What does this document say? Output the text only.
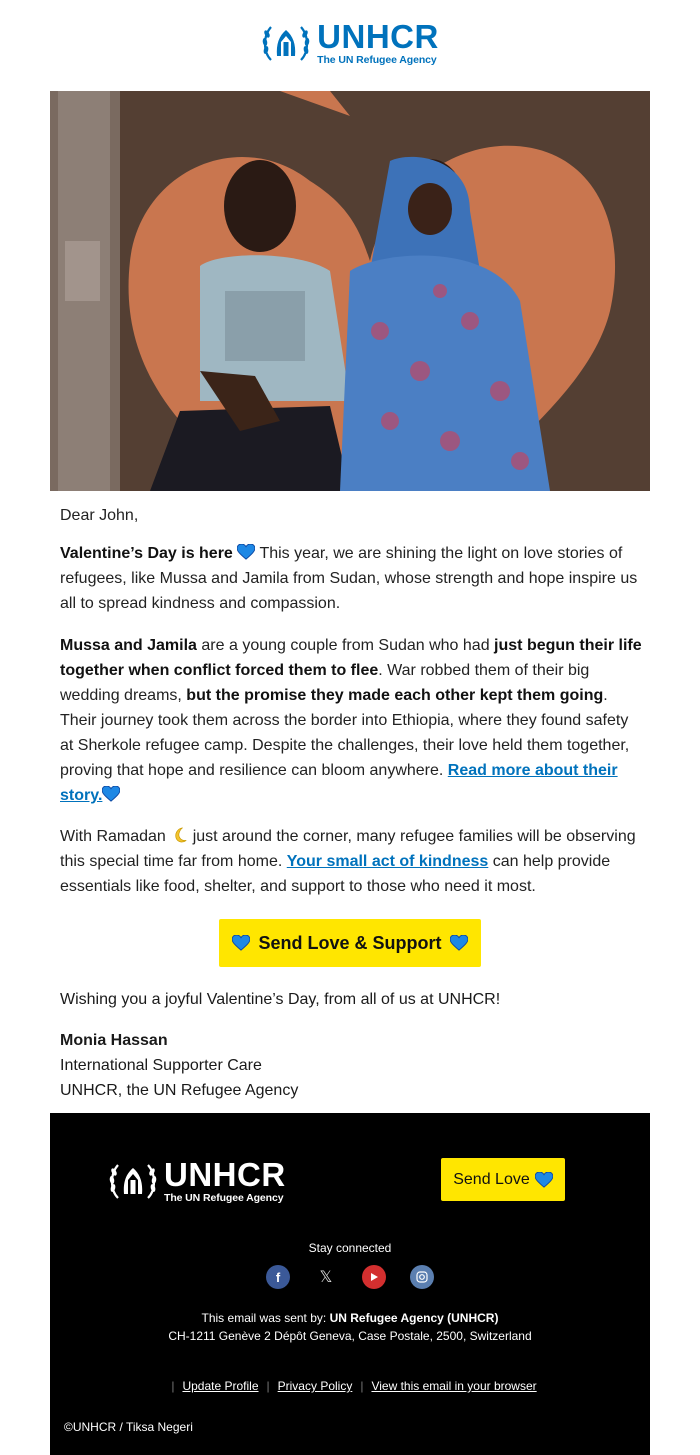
UNHCR
The UN Refugee Agency

Dear John,

Valentine’s Day is here  This year, we are shining the light on love stories of refugees, like Mussa and Jamila from Sudan, whose strength and hope inspire us all to spread kindness and compassion.

Mussa and Jamila are a young couple from Sudan who had just begun their life together when conflict forced them to flee. War robbed them of their big wedding dreams, but the promise they made each other kept them going. Their journey took them across the border into Ethiopia, where they found safety at Sherkole refugee camp. Despite the challenges, their love held them together, proving that hope and resilience can bloom anywhere. Read more about their story.

With Ramadan  just around the corner, many refugee families will be observing this special time far from home. Your small act of kindness can help provide essentials like food, shelter, and support to those who need it most.

Send Love & Support

Wishing you a joyful Valentine’s Day, from all of us at UNHCR!

Monia Hassan
International Supporter Care
UNHCR, the UN Refugee Agency
UNHCR
The UN Refugee Agency
Send Love
Stay connected
f	𝕏
This email was sent by: UN Refugee Agency (UNHCR)
CH-1211 Genève 2 Dépôt Geneva, Case Postale, 2500, Switzerland
| Update Profile | Privacy Policy | View this email in your browser
©UNHCR / Tiksa Negeri
